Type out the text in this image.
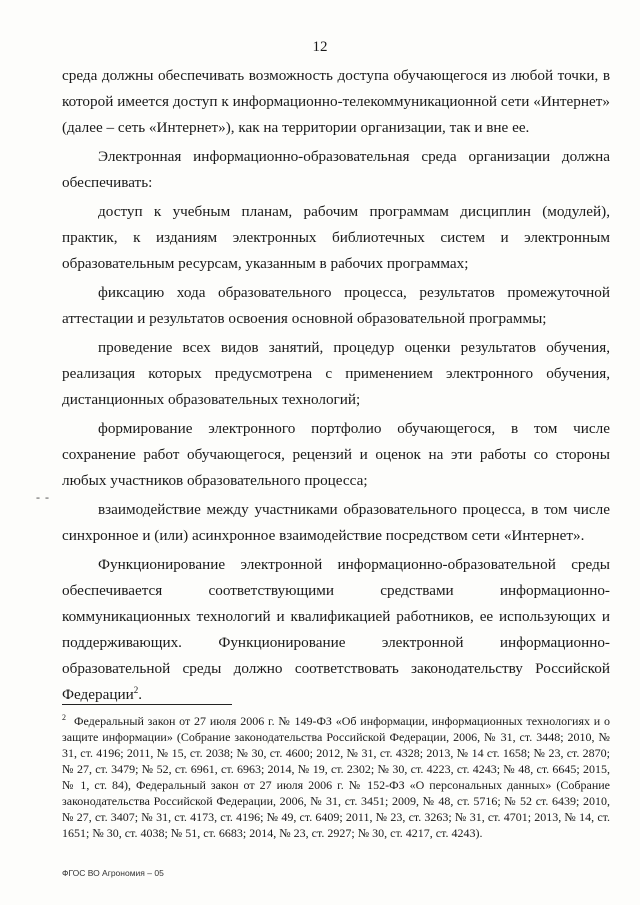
12
- -

среда должны обеспечивать возможность доступа обучающегося из любой точки, в которой имеется доступ к информационно-телекоммуникационной сети «Интернет» (далее – сеть «Интернет»), как на территории организации, так и вне ее.

Электронная информационно-образовательная среда организации должна обеспечивать:

доступ к учебным планам, рабочим программам дисциплин (модулей), практик, к изданиям электронных библиотечных систем и электронным образовательным ресурсам, указанным в рабочих программах;

фиксацию хода образовательного процесса, результатов промежуточной аттестации и результатов освоения основной образовательной программы;

проведение всех видов занятий, процедур оценки результатов обучения, реализация которых предусмотрена с применением электронного обучения, дистанционных образовательных технологий;

формирование электронного портфолио обучающегося, в том числе сохранение работ обучающегося, рецензий и оценок на эти работы со стороны любых участников образовательного процесса;

взаимодействие между участниками образовательного процесса, в том числе синхронное и (или) асинхронное взаимодействие посредством сети «Интернет».

Функционирование электронной информационно-образовательной среды обеспечивается соответствующими средствами информационно-коммуникационных технологий и квалификацией работников, ее использующих и поддерживающих. Функционирование электронной информационно-образовательной среды должно соответствовать законодательству Российской Федерации$^2$.

$^2$ Федеральный закон от 27 июля 2006 г. № 149-ФЗ «Об информации, информационных технологиях и о защите информации» (Собрание законодательства Российской Федерации, 2006, № 31, ст. 3448; 2010, № 31, ст. 4196; 2011, № 15, ст. 2038; № 30, ст. 4600; 2012, № 31, ст. 4328; 2013, № 14 ст. 1658; № 23, ст. 2870; № 27, ст. 3479; № 52, ст. 6961, ст. 6963; 2014, № 19, ст. 2302; № 30, ст. 4223, ст. 4243; № 48, ст. 6645; 2015, № 1, ст. 84), Федеральный закон от 27 июля 2006 г. № 152-ФЗ «О персональных данных» (Собрание законодательства Российской Федерации, 2006, № 31, ст. 3451; 2009, № 48, ст. 5716; № 52 ст. 6439; 2010, № 27, ст. 3407; № 31, ст. 4173, ст. 4196; № 49, ст. 6409; 2011, № 23, ст. 3263; № 31, ст. 4701; 2013, № 14, ст. 1651; № 30, ст. 4038; № 51, ст. 6683; 2014, № 23, ст. 2927; № 30, ст. 4217, ст. 4243).
ФГОС ВО Агрономия – 05
